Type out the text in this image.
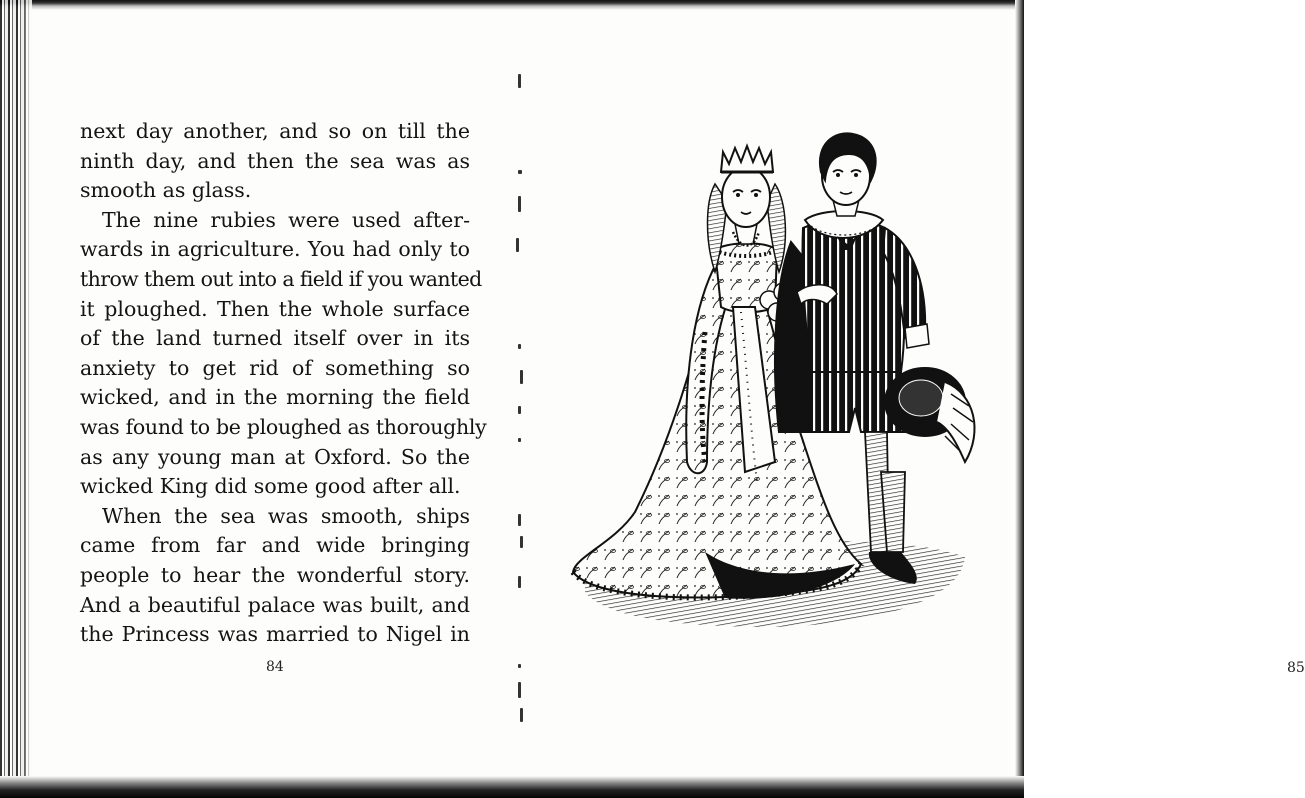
next day another, and so on till the
ninth day, and then the sea was as
smooth as glass.
The nine rubies were used after-
wards in agriculture. You had only to
throw them out into a field if you wanted
it ploughed. Then the whole surface
of the land turned itself over in its
anxiety to get rid of something so
wicked, and in the morning the field
was found to be ploughed as thoroughly
as any young man at Oxford. So the
wicked King did some good after all.
When the sea was smooth, ships
came from far and wide bringing
people to hear the wonderful story.
And a beautiful palace was built, and
the Princess was married to Nigel in
84	85
